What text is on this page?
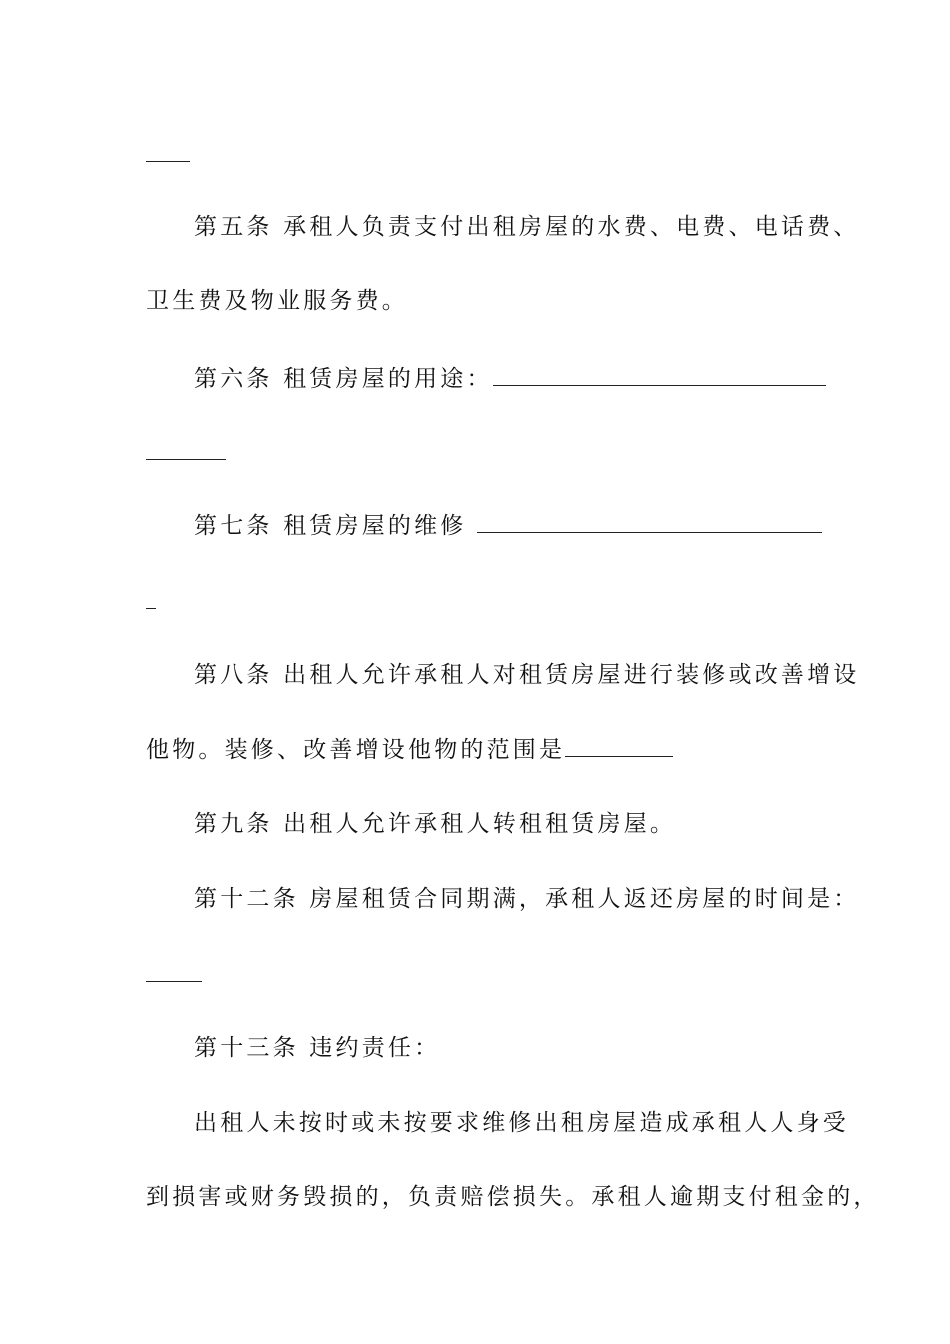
第五条 承租人负责支付出租房屋的水费、电费、电话费、
卫生费及物业服务费。
第六条 租赁房屋的用途：
第七条 租赁房屋的维修
第八条 出租人允许承租人对租赁房屋进行装修或改善增设
他物。装修、改善增设他物的范围是
第九条 出租人允许承租人转租租赁房屋。
第十二条 房屋租赁合同期满，承租人返还房屋的时间是：
第十三条 违约责任：
出租人未按时或未按要求维修出租房屋造成承租人人身受
到损害或财务毁损的，负责赔偿损失。承租人逾期支付租金的，
